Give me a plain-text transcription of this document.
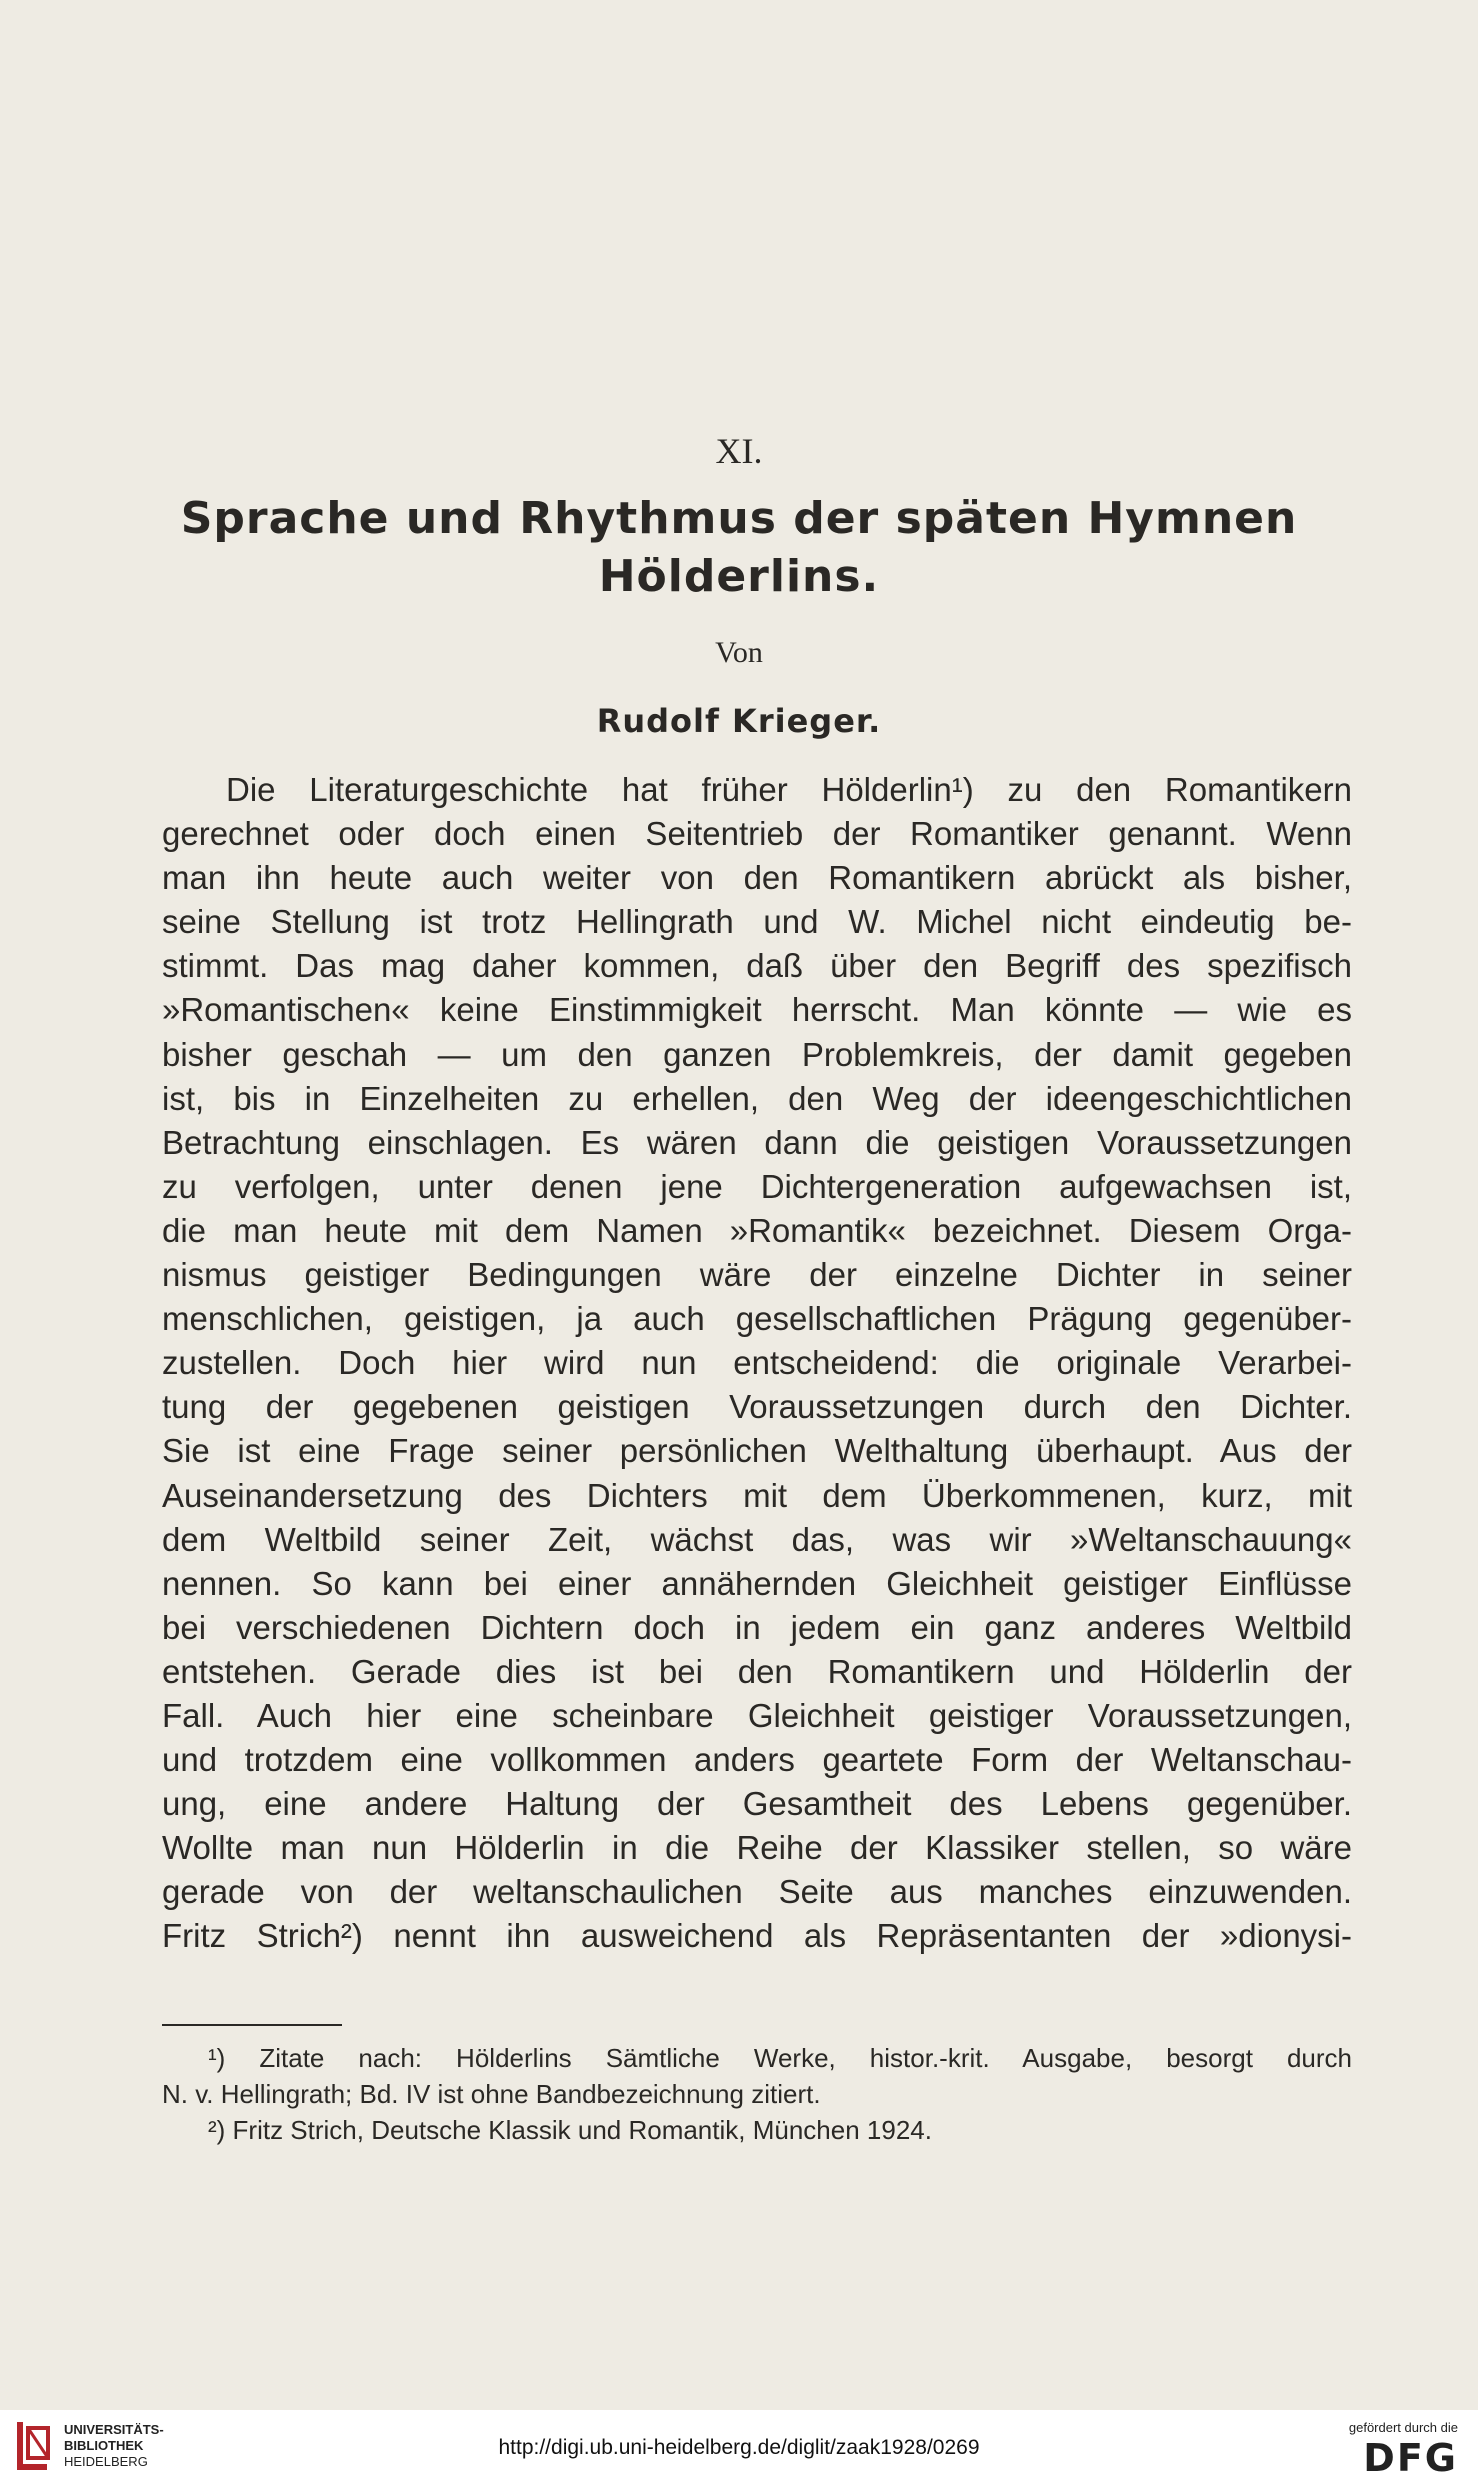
XI.
Sprache und Rhythmus der späten Hymnen
Hölderlins.
Von
Rudolf Krieger.
Die Literaturgeschichte hat früher Hölderlin¹) zu den Romantikern
gerechnet oder doch einen Seitentrieb der Romantiker genannt. Wenn
man ihn heute auch weiter von den Romantikern abrückt als bisher,
seine Stellung ist trotz Hellingrath und W. Michel nicht eindeutig be-
stimmt. Das mag daher kommen, daß über den Begriff des spezifisch
»Romantischen« keine Einstimmigkeit herrscht. Man könnte — wie es
bisher geschah — um den ganzen Problemkreis, der damit gegeben
ist, bis in Einzelheiten zu erhellen, den Weg der ideengeschichtlichen
Betrachtung einschlagen. Es wären dann die geistigen Voraussetzungen
zu verfolgen, unter denen jene Dichtergeneration aufgewachsen ist,
die man heute mit dem Namen »Romantik« bezeichnet. Diesem Orga-
nismus geistiger Bedingungen wäre der einzelne Dichter in seiner
menschlichen, geistigen, ja auch gesellschaftlichen Prägung gegenüber-
zustellen. Doch hier wird nun entscheidend: die originale Verarbei-
tung der gegebenen geistigen Voraussetzungen durch den Dichter.
Sie ist eine Frage seiner persönlichen Welthaltung überhaupt. Aus der
Auseinandersetzung des Dichters mit dem Überkommenen, kurz, mit
dem Weltbild seiner Zeit, wächst das, was wir »Weltanschauung«
nennen. So kann bei einer annähernden Gleichheit geistiger Einflüsse
bei verschiedenen Dichtern doch in jedem ein ganz anderes Weltbild
entstehen. Gerade dies ist bei den Romantikern und Hölderlin der
Fall. Auch hier eine scheinbare Gleichheit geistiger Voraussetzungen,
und trotzdem eine vollkommen anders geartete Form der Weltanschau-
ung, eine andere Haltung der Gesamtheit des Lebens gegenüber.
Wollte man nun Hölderlin in die Reihe der Klassiker stellen, so wäre
gerade von der weltanschaulichen Seite aus manches einzuwenden.
Fritz Strich²) nennt ihn ausweichend als Repräsentanten der »dionysi-
¹) Zitate nach: Hölderlins Sämtliche Werke, histor.-krit. Ausgabe, besorgt durch
N. v. Hellingrath; Bd. IV ist ohne Bandbezeichnung zitiert.
²) Fritz Strich, Deutsche Klassik und Romantik, München 1924.
UNIVERSITÄTS-
BIBLIOTHEK
HEIDELBERG
http://digi.ub.uni-heidelberg.de/diglit/zaak1928/0269
gefördert durch die
DFG
